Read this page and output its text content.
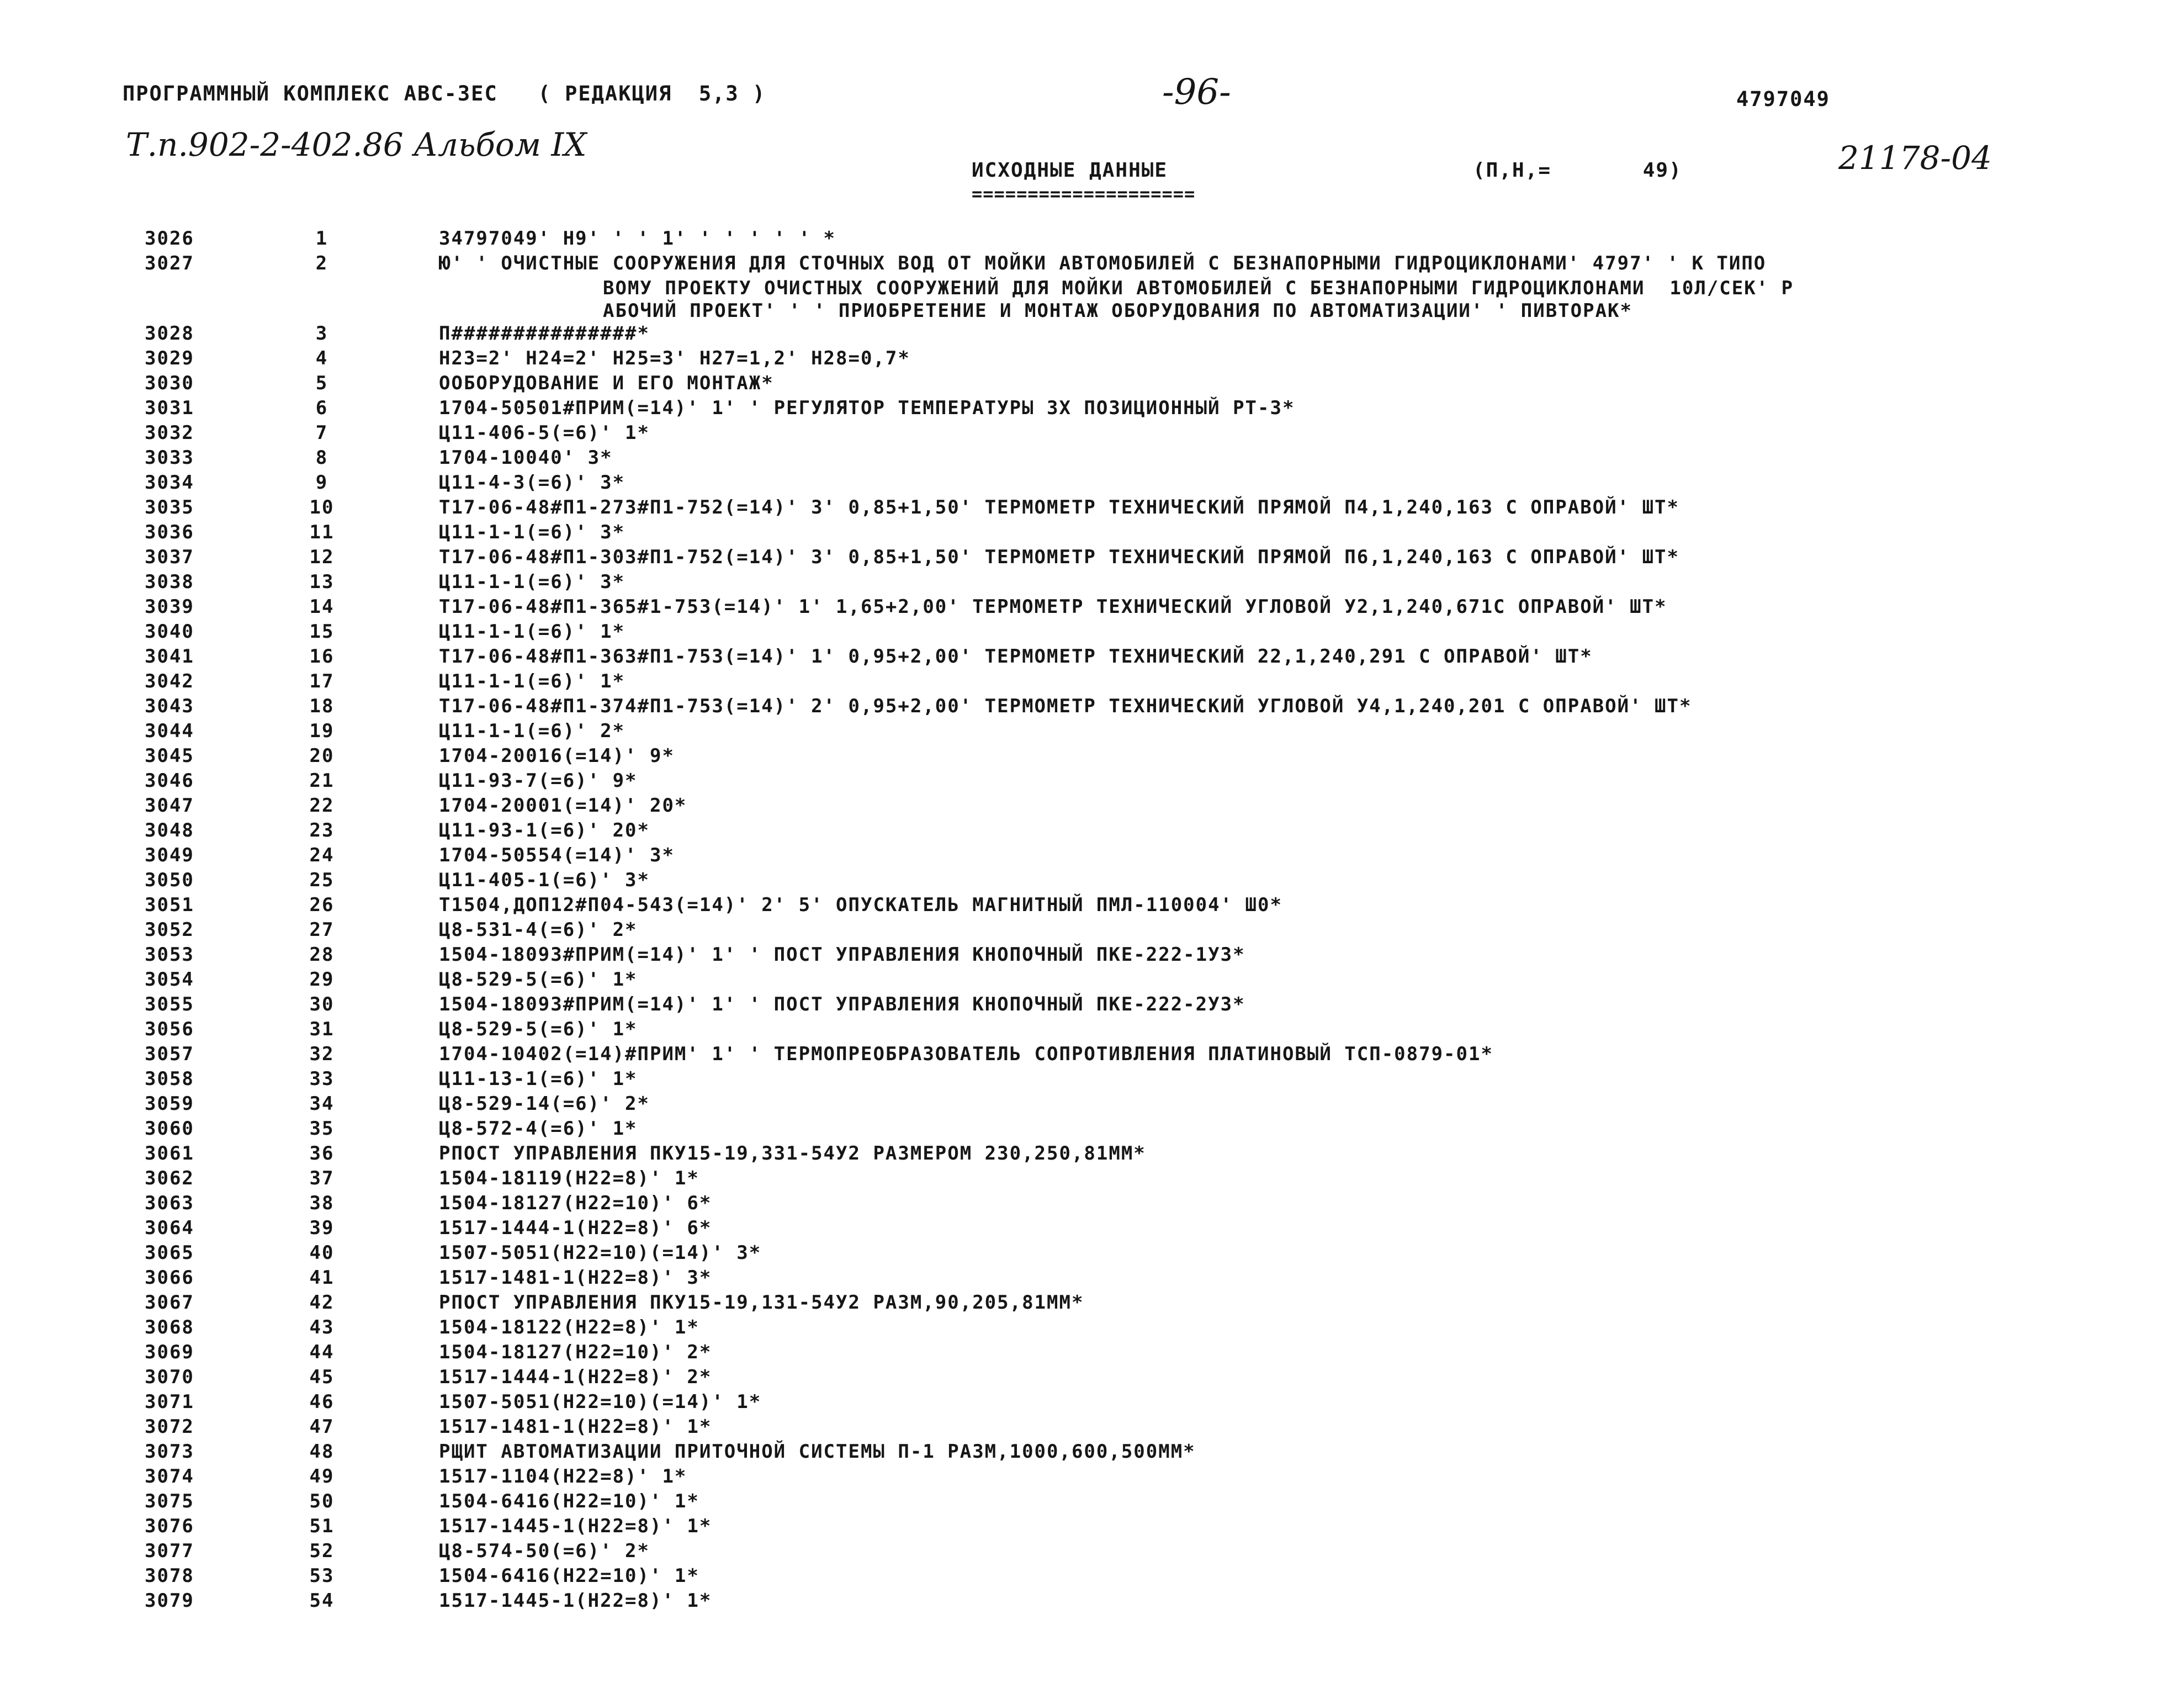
ПРОГРАММНЫЙ КОМПЛЕКС АВС-ЗЕС   ( РЕДАКЦИЯ  5,3 )	-96-	4797049
Т.п.902-2-402.86 Альбом IX	21178-04
ИСХОДНЫЕ ДАННЫЕ
====================
(П,Н,=       49)
3026	1	34797049' Н9' ' ' 1' ' ' ' ' ' *
3027	2	Ю' ' ОЧИСТНЫЕ СООРУЖЕНИЯ ДЛЯ СТОЧНЫХ ВОД ОТ МОЙКИ АВТОМОБИЛЕЙ С БЕЗНАПОРНЫМИ ГИДРОЦИКЛОНАМИ' 4797' ' К ТИПО
ВОМУ ПРОЕКТУ ОЧИСТНЫХ СООРУЖЕНИЙ ДЛЯ МОЙКИ АВТОМОБИЛЕЙ С БЕЗНАПОРНЫМИ ГИДРОЦИКЛОНАМИ  10Л/СЕК' Р
АБОЧИЙ ПРОЕКТ' ' ' ПРИОБРЕТЕНИЕ И МОНТАЖ ОБОРУДОВАНИЯ ПО АВТОМАТИЗАЦИИ' ' ПИВТОРАК*
3028	3	П###############*
3029	4	Н23=2' Н24=2' Н25=3' Н27=1,2' Н28=0,7*
3030	5	ООБОРУДОВАНИЕ И ЕГО МОНТАЖ*
3031	6	1704-50501#ПРИМ(=14)' 1' ' РЕГУЛЯТОР ТЕМПЕРАТУРЫ 3Х ПОЗИЦИОННЫЙ РТ-3*
3032	7	Ц11-406-5(=6)' 1*
3033	8	1704-10040' 3*
3034	9	Ц11-4-3(=6)' 3*
3035	10	Т17-06-48#П1-273#П1-752(=14)' 3' 0,85+1,50' ТЕРМОМЕТР ТЕХНИЧЕСКИЙ ПРЯМОЙ П4,1,240,163 С ОПРАВОЙ' ШТ*
3036	11	Ц11-1-1(=6)' 3*
3037	12	Т17-06-48#П1-303#П1-752(=14)' 3' 0,85+1,50' ТЕРМОМЕТР ТЕХНИЧЕСКИЙ ПРЯМОЙ П6,1,240,163 С ОПРАВОЙ' ШТ*
3038	13	Ц11-1-1(=6)' 3*
3039	14	Т17-06-48#П1-365#1-753(=14)' 1' 1,65+2,00' ТЕРМОМЕТР ТЕХНИЧЕСКИЙ УГЛОВОЙ У2,1,240,671С ОПРАВОЙ' ШТ*
3040	15	Ц11-1-1(=6)' 1*
3041	16	Т17-06-48#П1-363#П1-753(=14)' 1' 0,95+2,00' ТЕРМОМЕТР ТЕХНИЧЕСКИЙ 22,1,240,291 С ОПРАВОЙ' ШТ*
3042	17	Ц11-1-1(=6)' 1*
3043	18	Т17-06-48#П1-374#П1-753(=14)' 2' 0,95+2,00' ТЕРМОМЕТР ТЕХНИЧЕСКИЙ УГЛОВОЙ У4,1,240,201 С ОПРАВОЙ' ШТ*
3044	19	Ц11-1-1(=6)' 2*
3045	20	1704-20016(=14)' 9*
3046	21	Ц11-93-7(=6)' 9*
3047	22	1704-20001(=14)' 20*
3048	23	Ц11-93-1(=6)' 20*
3049	24	1704-50554(=14)' 3*
3050	25	Ц11-405-1(=6)' 3*
3051	26	Т1504,ДОП12#П04-543(=14)' 2' 5' ОПУСКАТЕЛЬ МАГНИТНЫЙ ПМЛ-110004' Ш0*
3052	27	Ц8-531-4(=6)' 2*
3053	28	1504-18093#ПРИМ(=14)' 1' ' ПОСТ УПРАВЛЕНИЯ КНОПОЧНЫЙ ПКЕ-222-1У3*
3054	29	Ц8-529-5(=6)' 1*
3055	30	1504-18093#ПРИМ(=14)' 1' ' ПОСТ УПРАВЛЕНИЯ КНОПОЧНЫЙ ПКЕ-222-2У3*
3056	31	Ц8-529-5(=6)' 1*
3057	32	1704-10402(=14)#ПРИМ' 1' ' ТЕРМОПРЕОБРАЗОВАТЕЛЬ СОПРОТИВЛЕНИЯ ПЛАТИНОВЫЙ ТСП-0879-01*
3058	33	Ц11-13-1(=6)' 1*
3059	34	Ц8-529-14(=6)' 2*
3060	35	Ц8-572-4(=6)' 1*
3061	36	РПОСТ УПРАВЛЕНИЯ ПКУ15-19,331-54У2 РАЗМЕРОМ 230,250,81ММ*
3062	37	1504-18119(Н22=8)' 1*
3063	38	1504-18127(Н22=10)' 6*
3064	39	1517-1444-1(Н22=8)' 6*
3065	40	1507-5051(Н22=10)(=14)' 3*
3066	41	1517-1481-1(Н22=8)' 3*
3067	42	РПОСТ УПРАВЛЕНИЯ ПКУ15-19,131-54У2 РАЗМ,90,205,81ММ*
3068	43	1504-18122(Н22=8)' 1*
3069	44	1504-18127(Н22=10)' 2*
3070	45	1517-1444-1(Н22=8)' 2*
3071	46	1507-5051(Н22=10)(=14)' 1*
3072	47	1517-1481-1(Н22=8)' 1*
3073	48	РЩИТ АВТОМАТИЗАЦИИ ПРИТОЧНОЙ СИСТЕМЫ П-1 РАЗМ,1000,600,500ММ*
3074	49	1517-1104(Н22=8)' 1*
3075	50	1504-6416(Н22=10)' 1*
3076	51	1517-1445-1(Н22=8)' 1*
3077	52	Ц8-574-50(=6)' 2*
3078	53	1504-6416(Н22=10)' 1*
3079	54	1517-1445-1(Н22=8)' 1*
